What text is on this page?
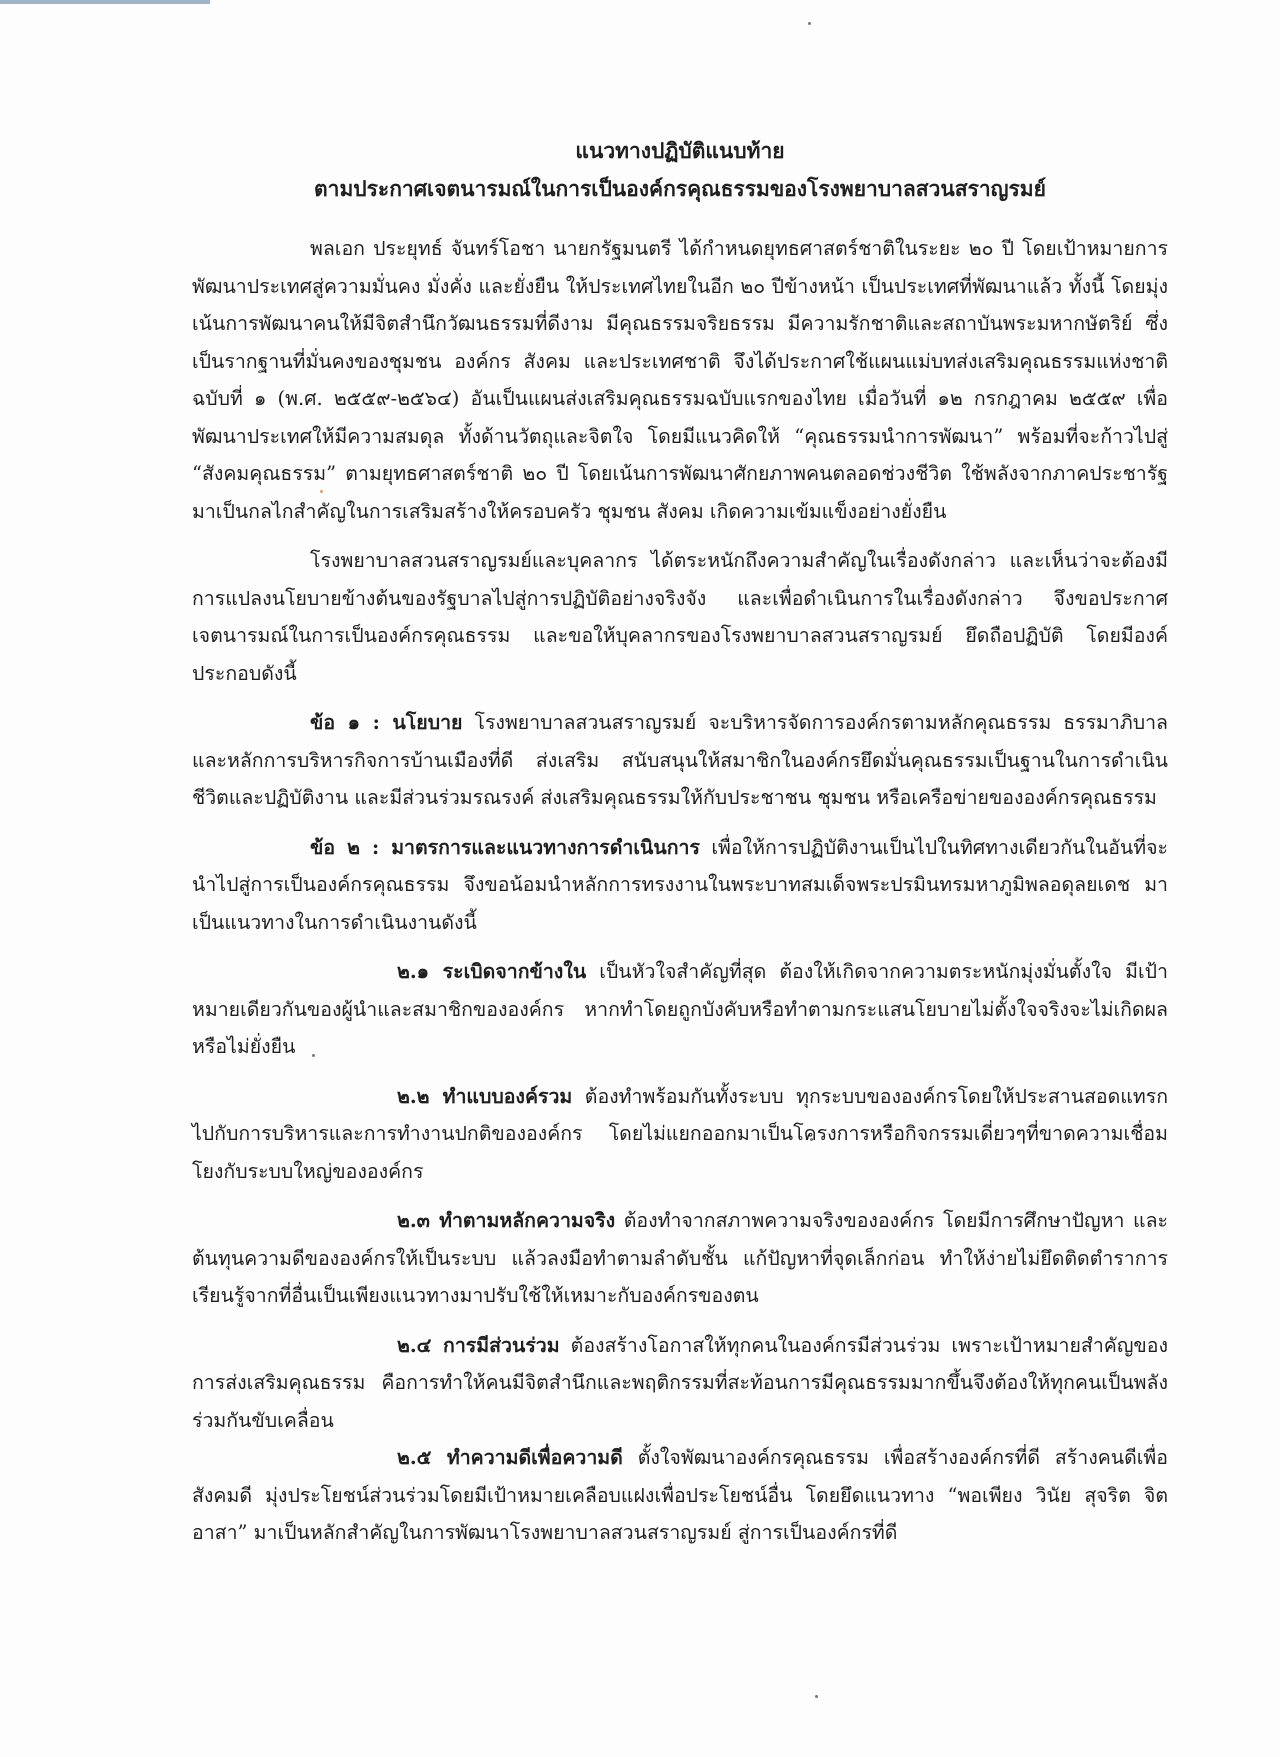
แนวทางปฏิบัติแนบท้าย
ตามประกาศเจตนารมณ์ในการเป็นองค์กรคุณธรรมของโรงพยาบาลสวนสราญรมย์

พลเอก ประยุทธ์ จันทร์โอชา นายกรัฐมนตรี ได้กำหนดยุทธศาสตร์ชาติในระยะ ๒๐ ปี โดยเป้าหมายการพัฒนาประเทศสู่ความมั่นคง มั่งคั่ง และยั่งยืน ให้ประเทศไทยในอีก ๒๐ ปีข้างหน้า เป็นประเทศที่พัฒนาแล้ว ทั้งนี้ โดยมุ่งเน้นการพัฒนาคนให้มีจิตสำนึกวัฒนธรรมที่ดีงาม มีคุณธรรมจริยธรรม มีความรักชาติและสถาบันพระมหากษัตริย์ ซึ่งเป็นรากฐานที่มั่นคงของชุมชน องค์กร สังคม และประเทศชาติ จึงได้ประกาศใช้แผนแม่บทส่งเสริมคุณธรรมแห่งชาติ ฉบับที่ ๑ (พ.ศ. ๒๕๕๙-๒๕๖๔) อันเป็นแผนส่งเสริมคุณธรรมฉบับแรกของไทย เมื่อวันที่ ๑๒ กรกฎาคม ๒๕๕๙ เพื่อพัฒนาประเทศให้มีความสมดุล ทั้งด้านวัตถุและจิตใจ โดยมีแนวคิดให้ “คุณธรรมนำการพัฒนา” พร้อมที่จะก้าวไปสู่ “สังคมคุณธรรม” ตามยุทธศาสตร์ชาติ ๒๐ ปี โดยเน้นการพัฒนาศักยภาพคนตลอดช่วงชีวิต ใช้พลังจากภาคประชารัฐ มาเป็นกลไกสำคัญในการเสริมสร้างให้ครอบครัว ชุมชน สังคม เกิดความเข้มแข็งอย่างยั่งยืน

โรงพยาบาลสวนสราญรมย์และบุคลากร ได้ตระหนักถึงความสำคัญในเรื่องดังกล่าว และเห็นว่าจะต้องมีการแปลงนโยบายข้างต้นของรัฐบาลไปสู่การปฏิบัติอย่างจริงจัง และเพื่อดำเนินการในเรื่องดังกล่าว จึงขอประกาศเจตนารมณ์ในการเป็นองค์กรคุณธรรม และขอให้บุคลากรของโรงพยาบาลสวนสราญรมย์ ยึดถือปฏิบัติ โดยมีองค์ประกอบดังนี้

ข้อ ๑ : นโยบาย โรงพยาบาลสวนสราญรมย์ จะบริหารจัดการองค์กรตามหลักคุณธรรม ธรรมาภิบาล และหลักการบริหารกิจการบ้านเมืองที่ดี ส่งเสริม สนับสนุนให้สมาชิกในองค์กรยึดมั่นคุณธรรมเป็นฐานในการดำเนินชีวิตและปฏิบัติงาน และมีส่วนร่วมรณรงค์ ส่งเสริมคุณธรรมให้กับประชาชน ชุมชน หรือเครือข่ายขององค์กรคุณธรรม

ข้อ ๒ : มาตรการและแนวทางการดำเนินการ เพื่อให้การปฏิบัติงานเป็นไปในทิศทางเดียวกันในอันที่จะนำไปสู่การเป็นองค์กรคุณธรรม จึงขอน้อมนำหลักการทรงงานในพระบาทสมเด็จพระปรมินทรมหาภูมิพลอดุลยเดช มาเป็นแนวทางในการดำเนินงานดังนี้

๒.๑ ระเบิดจากข้างใน เป็นหัวใจสำคัญที่สุด ต้องให้เกิดจากความตระหนักมุ่งมั่นตั้งใจ มีเป้าหมายเดียวกันของผู้นำและสมาชิกขององค์กร หากทำโดยถูกบังคับหรือทำตามกระแสนโยบายไม่ตั้งใจจริงจะไม่เกิดผลหรือไม่ยั่งยืน

๒.๒ ทำแบบองค์รวม ต้องทำพร้อมกันทั้งระบบ ทุกระบบขององค์กรโดยให้ประสานสอดแทรกไปกับการบริหารและการทำงานปกติขององค์กร โดยไม่แยกออกมาเป็นโครงการหรือกิจกรรมเดี่ยวๆที่ขาดความเชื่อมโยงกับระบบใหญ่ขององค์กร

๒.๓ ทำตามหลักความจริง ต้องทำจากสภาพความจริงขององค์กร โดยมีการศึกษาปัญหา และต้นทุนความดีขององค์กรให้เป็นระบบ แล้วลงมือทำตามลำดับชั้น แก้ปัญหาที่จุดเล็กก่อน ทำให้ง่ายไม่ยึดติดตำราการเรียนรู้จากที่อื่นเป็นเพียงแนวทางมาปรับใช้ให้เหมาะกับองค์กรของตน

๒.๔ การมีส่วนร่วม ต้องสร้างโอกาสให้ทุกคนในองค์กรมีส่วนร่วม เพราะเป้าหมายสำคัญของการส่งเสริมคุณธรรม คือการทำให้คนมีจิตสำนึกและพฤติกรรมที่สะท้อนการมีคุณธรรมมากขึ้นจึงต้องให้ทุกคนเป็นพลังร่วมกันขับเคลื่อน

๒.๕ ทำความดีเพื่อความดี ตั้งใจพัฒนาองค์กรคุณธรรม เพื่อสร้างองค์กรที่ดี สร้างคนดีเพื่อสังคมดี มุ่งประโยชน์ส่วนร่วมโดยมีเป้าหมายเคลือบแฝงเพื่อประโยชน์อื่น โดยยึดแนวทาง “พอเพียง วินัย สุจริต จิตอาสา” มาเป็นหลักสำคัญในการพัฒนาโรงพยาบาลสวนสราญรมย์ สู่การเป็นองค์กรที่ดี
